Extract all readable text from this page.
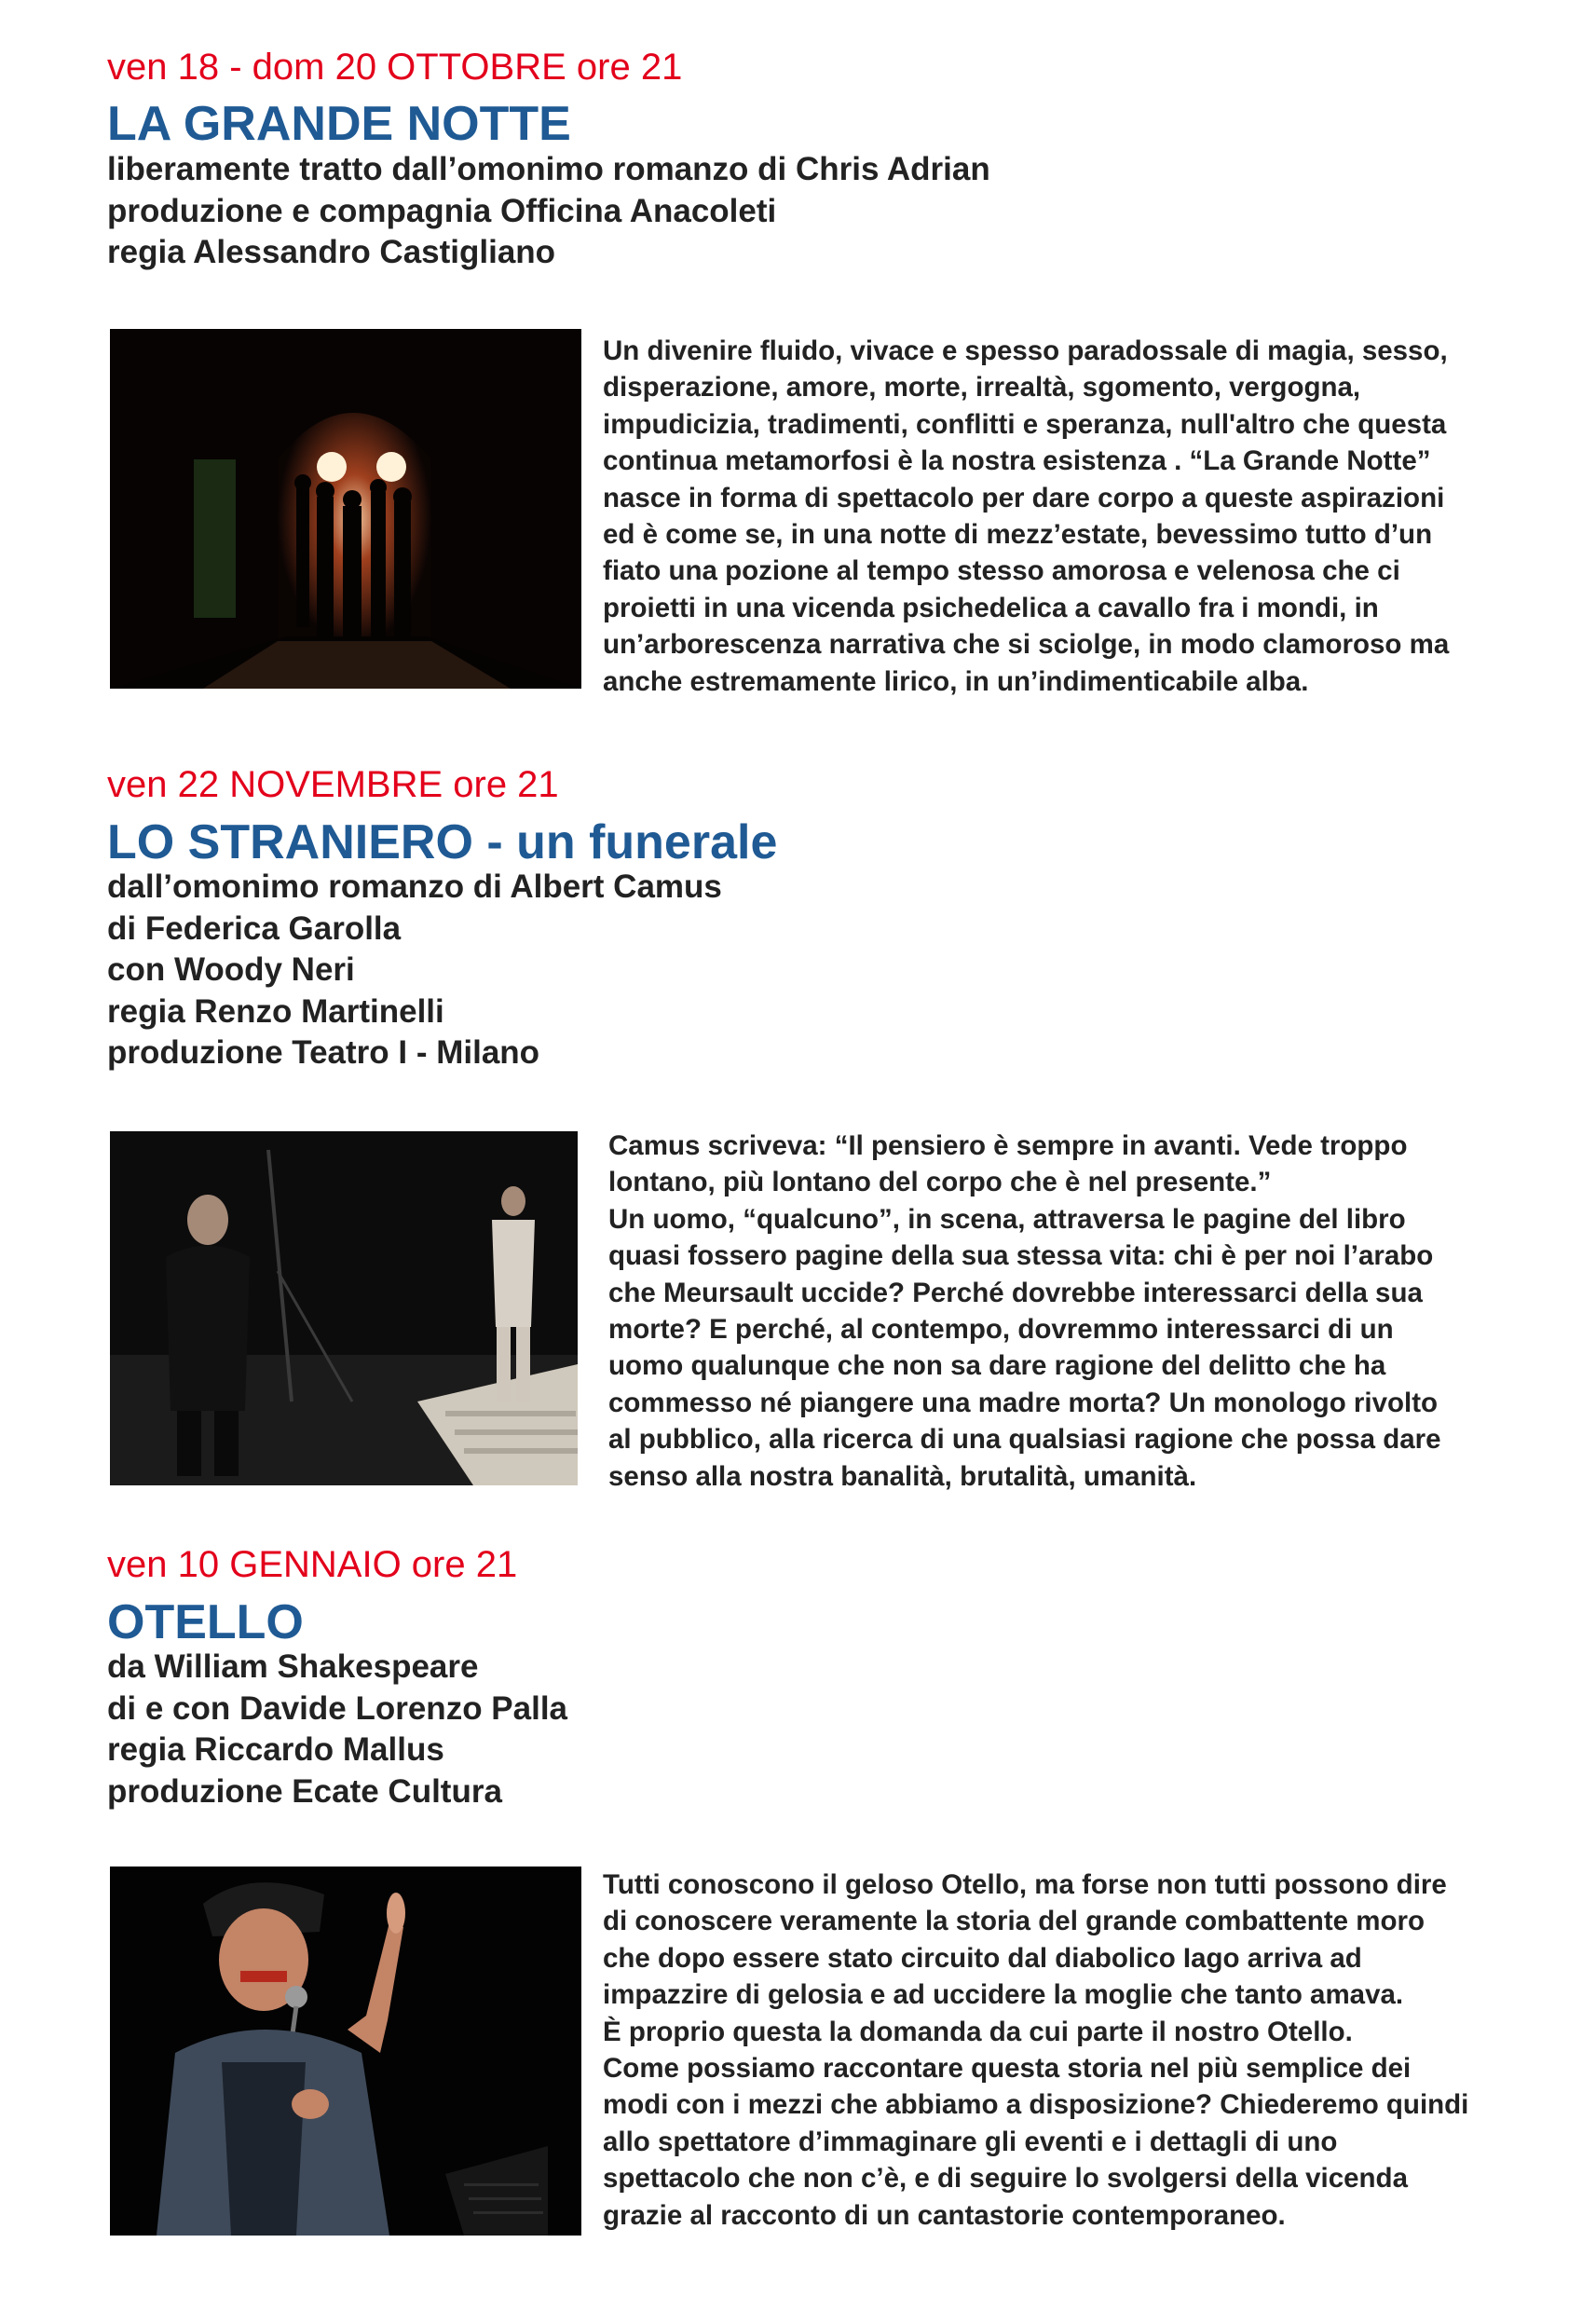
ven 18 - dom 20 OTTOBRE ore 21
LA GRANDE NOTTE
liberamente tratto dall’omonimo romanzo di Chris Adrian
produzione e compagnia Officina Anacoleti
regia Alessandro Castigliano
Un divenire fluido, vivace e spesso paradossale di magia, sesso,
disperazione, amore, morte, irrealtà, sgomento, vergogna,
impudicizia, tradimenti, conflitti e speranza, null'altro che questa
continua metamorfosi è la nostra esistenza . “La Grande Notte”
nasce in forma di spettacolo per dare corpo a queste aspirazioni
ed è come se, in una notte di mezz’estate, bevessimo tutto d’un
fiato una pozione al tempo stesso amorosa e velenosa che ci
proietti in una vicenda psichedelica a cavallo fra i mondi, in
un’arborescenza narrativa che si sciolge, in modo clamoroso ma
anche estremamente lirico, in un’indimenticabile alba.
ven 22 NOVEMBRE ore 21
LO STRANIERO - un funerale
dall’omonimo romanzo di Albert Camus
di Federica Garolla
con Woody Neri
regia Renzo Martinelli
produzione Teatro I - Milano
Camus scriveva: “Il pensiero è sempre in avanti. Vede troppo
lontano, più lontano del corpo che è nel presente.”
Un uomo, “qualcuno”, in scena, attraversa le pagine del libro
quasi fossero pagine della sua stessa vita: chi è per noi l’arabo
che Meursault uccide? Perché dovrebbe interessarci della sua
morte? E perché, al contempo, dovremmo interessarci di un
uomo qualunque che non sa dare ragione del delitto che ha
commesso né piangere una madre morta? Un monologo rivolto
al pubblico, alla ricerca di una qualsiasi ragione che possa dare
senso alla nostra banalità, brutalità, umanità.
ven 10 GENNAIO ore 21
OTELLO
da William Shakespeare
di e con Davide Lorenzo Palla
regia Riccardo Mallus
produzione Ecate Cultura
Tutti conoscono il geloso Otello, ma forse non tutti possono dire
di conoscere veramente la storia del grande combattente moro
che dopo essere stato circuito dal diabolico Iago arriva ad
impazzire di gelosia e ad uccidere la moglie che tanto amava.
È proprio questa la domanda da cui parte il nostro Otello.
Come possiamo raccontare questa storia nel più semplice dei
modi con i mezzi che abbiamo a disposizione? Chiederemo quindi
allo spettatore d’immaginare gli eventi e i dettagli di uno
spettacolo che non c’è, e di seguire lo svolgersi della vicenda
grazie al racconto di un cantastorie contemporaneo.
